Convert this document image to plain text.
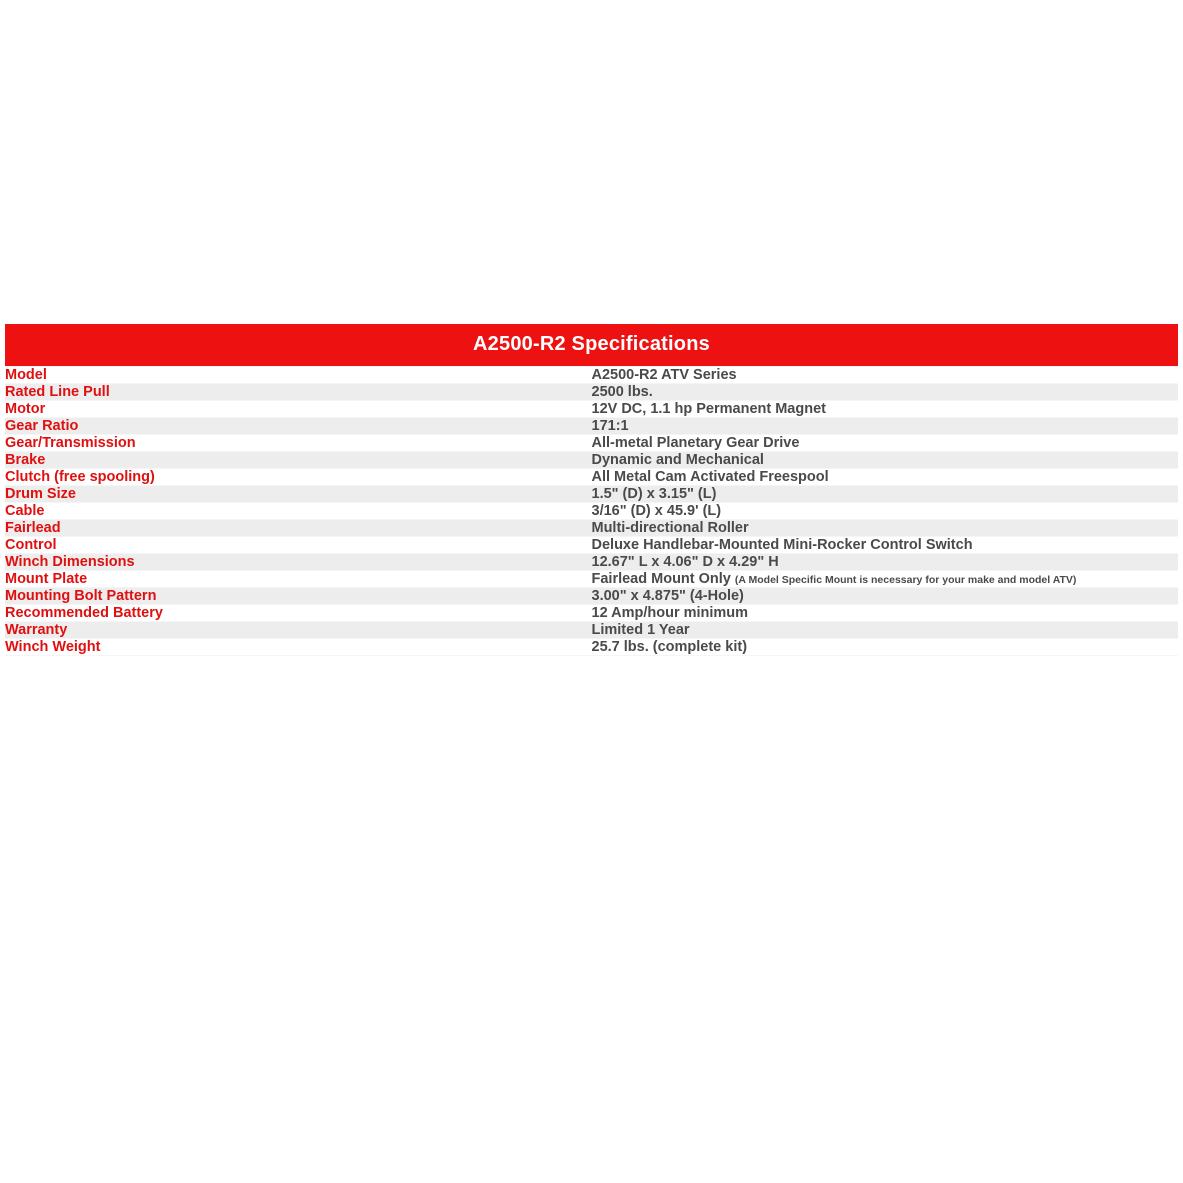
A2500-R2 Specifications	
Model	A2500-R2 ATV Series
Rated Line Pull	2500 lbs.
Motor	12V DC, 1.1 hp Permanent Magnet
Gear Ratio	171:1
Gear/Transmission	All-metal Planetary Gear Drive
Brake	Dynamic and Mechanical
Clutch (free spooling)	All Metal Cam Activated Freespool
Drum Size	1.5" (D) x 3.15" (L)
Cable	3/16" (D) x 45.9' (L)
Fairlead	Multi-directional Roller
Control	Deluxe Handlebar-Mounted Mini-Rocker Control Switch
Winch Dimensions	12.67" L x 4.06" D x 4.29" H
Mount Plate	Fairlead Mount Only (A Model Specific Mount is necessary for your make and model ATV)
Mounting Bolt Pattern	3.00" x 4.875" (4-Hole)
Recommended Battery	12 Amp/hour minimum
Warranty	Limited 1 Year
Winch Weight	25.7 lbs. (complete kit)
